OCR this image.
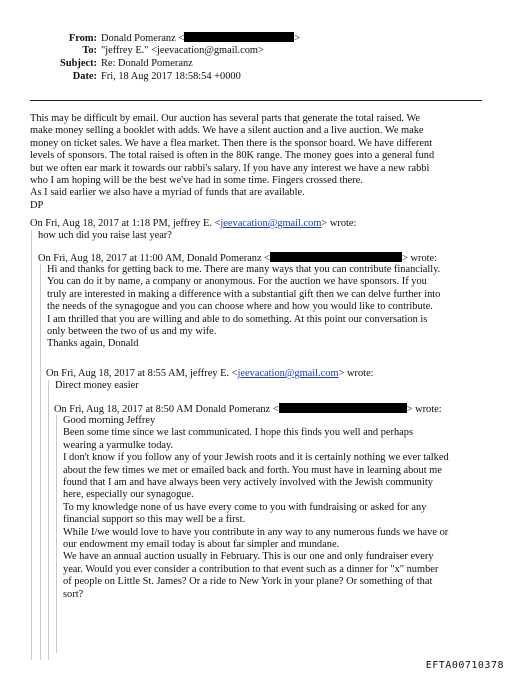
From: Donald Pomeranz <	>
To: "jeffrey E." <jeevacation@gmail.com>
Subject: Re: Donald Pomeranz
Date: Fri, 18 Aug 2017 18:58:54 +0000

This may be difficult by email. Our auction has several parts that generate the total raised. We

make money selling a booklet with adds. We have a silent auction and a live auction. We make

money on ticket sales. We have a flea market. Then there is the sponsor board. We have different

levels of sponsors. The total raised is often in the 80K range. The money goes into a general fund

but we often ear mark it towards our rabbi's salary. If you have any interest we have a new rabbi

who I am hoping will be the best we've had in some time. Fingers crossed there.

As I said earlier we also have a myriad of funds that are available.

DP

On Fri, Aug 18, 2017 at 1:18 PM, jeffrey E. <jeevacation@gmail.com> wrote:

how uch did you raise last year?

On Fri, Aug 18, 2017 at 11:00 AM, Donald Pomeranz <	> wrote:

Hi and thanks for getting back to me. There are many ways that you can contribute financially.

You can do it by name, a company or anonymous. For the auction we have sponsors. If you

truly are interested in making a difference with a substantial gift then we can delve further into

the needs of the synagogue and you can choose where and how you would like to contribute.

I am thrilled that you are willing and able to do something. At this point our conversation is

only between the two of us and my wife.

Thanks again, Donald

On Fri, Aug 18, 2017 at 8:55 AM, jeffrey E. <jeevacation@gmail.com> wrote:

Direct money easier

On Fri, Aug 18, 2017 at 8:50 AM Donald Pomeranz <	> wrote:

Good morning Jeffrey

Been some time since we last communicated. I hope this finds you well and perhaps

wearing a yarmulke today.

I don't know if you follow any of your Jewish roots and it is certainly nothing we ever talked

about the few times we met or emailed back and forth. You must have in learning about me

found that I am and have always been very actively involved with the Jewish community

here, especially our synagogue.

To my knowledge none of us have every come to you with fundraising or asked for any

financial support so this may well be a first.

While I/we would love to have you contribute in any way to any numerous funds we have or

our endowment my email today is about far simpler and mundane.

We have an annual auction usually in February. This is our one and only fundraiser every

year. Would you ever consider a contribution to that event such as a dinner for "x" number

of people on Little St. James? Or a ride to New York in your plane? Or something of that

sort?

EFTA00710378
